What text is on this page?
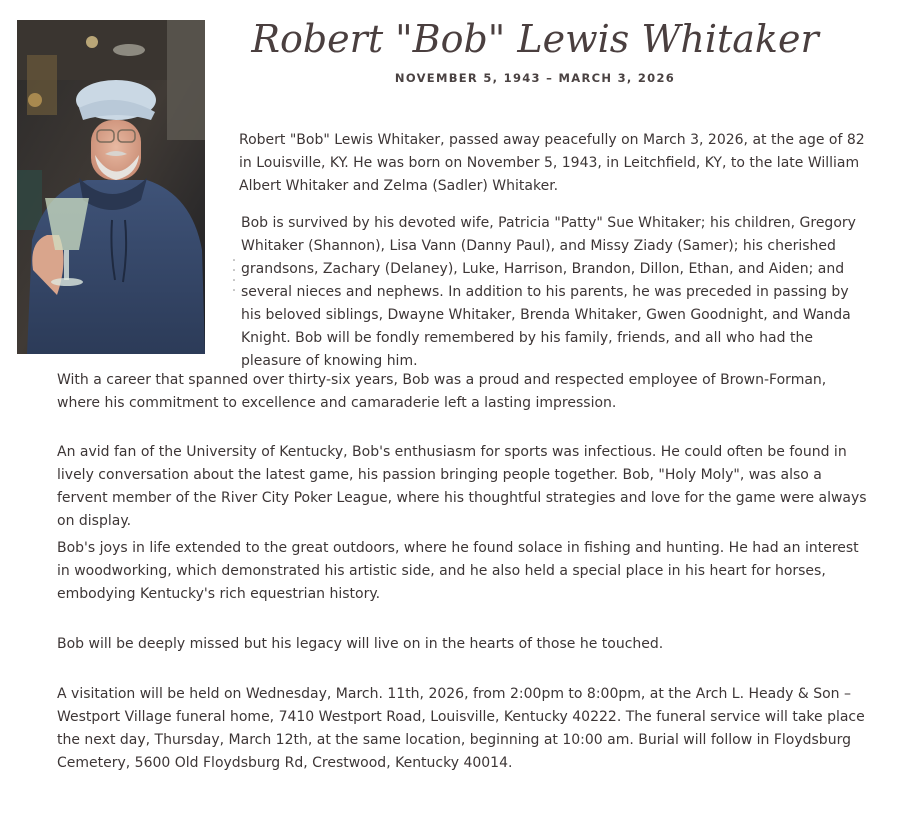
Robert "Bob" Lewis Whitaker
NOVEMBER 5, 1943 – MARCH 3, 2026

Robert "Bob" Lewis Whitaker, passed away peacefully on March 3, 2026, at the age of 82 in Louisville, KY. He was born on November 5, 1943, in Leitchfield, KY, to the late William Albert Whitaker and Zelma (Sadler) Whitaker.

Bob is survived by his devoted wife, Patricia "Patty" Sue Whitaker; his children, Gregory Whitaker (Shannon), Lisa Vann (Danny Paul), and Missy Ziady (Samer); his cherished grandsons, Zachary (Delaney), Luke, Harrison, Brandon, Dillon, Ethan, and Aiden; and several nieces and nephews. In addition to his parents, he was preceded in passing by his beloved siblings, Dwayne Whitaker, Brenda Whitaker, Gwen Goodnight, and Wanda Knight. Bob will be fondly remembered by his family, friends, and all who had the pleasure of knowing him.

With a career that spanned over thirty-six years, Bob was a proud and respected employee of Brown-Forman, where his commitment to excellence and camaraderie left a lasting impression.

An avid fan of the University of Kentucky, Bob's enthusiasm for sports was infectious. He could often be found in lively conversation about the latest game, his passion bringing people together. Bob, "Holy Moly", was also a fervent member of the River City Poker League, where his thoughtful strategies and love for the game were always on display.

Bob's joys in life extended to the great outdoors, where he found solace in fishing and hunting. He had an interest in woodworking, which demonstrated his artistic side, and he also held a special place in his heart for horses, embodying Kentucky's rich equestrian history.

Bob will be deeply missed but his legacy will live on in the hearts of those he touched.

A visitation will be held on Wednesday, March. 11th, 2026, from 2:00pm to 8:00pm, at the Arch L. Heady & Son – Westport Village funeral home, 7410 Westport Road, Louisville, Kentucky 40222. The funeral service will take place the next day, Thursday, March 12th, at the same location, beginning at 10:00 am. Burial will follow in Floydsburg Cemetery, 5600 Old Floydsburg Rd, Crestwood, Kentucky 40014.
